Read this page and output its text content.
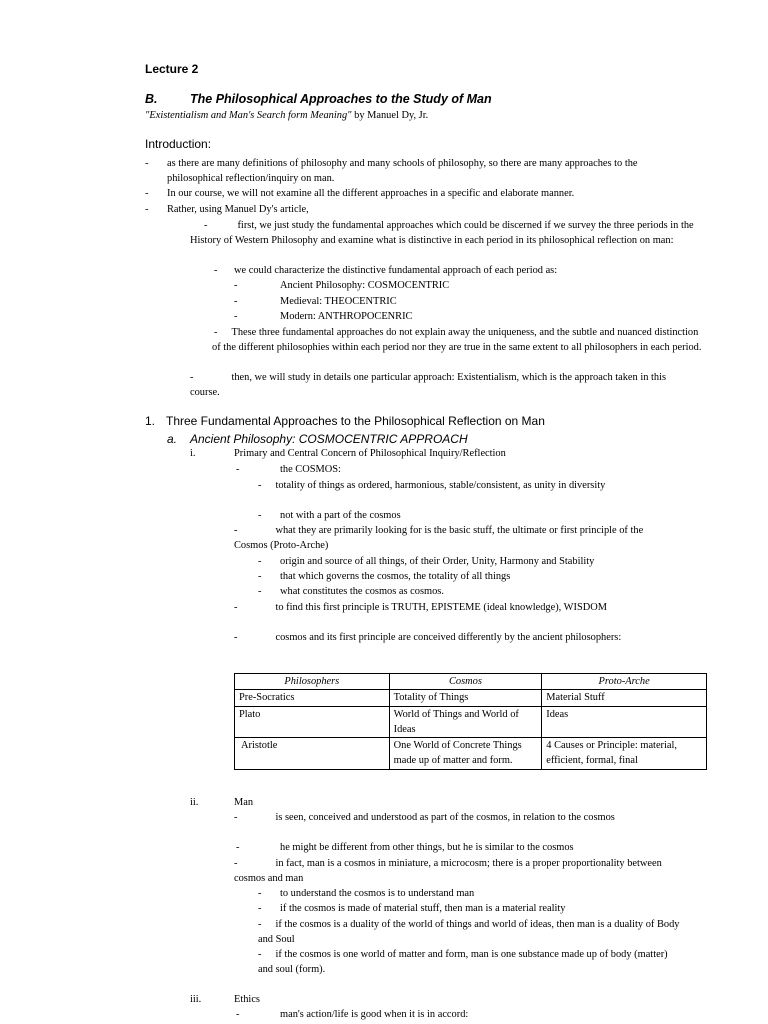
Lecture 2
B.	The Philosophical Approaches to the Study of Man
"Existentialism and Man's Search form Meaning" by Manuel Dy, Jr.
Introduction:
- as there are many definitions of philosophy and many schools of philosophy, so there are many approaches to the philosophical reflection/inquiry on man.
- In our course, we will not examine all the different approaches in a specific and elaborate manner.
- Rather, using Manuel Dy's article,
-	first, we just study the fundamental approaches which could be discerned if we survey the three periods in the History of Western Philosophy and examine what is distinctive in each period in its philosophical reflection on man:
- we could characterize the distinctive fundamental approach of each period as:
-	Ancient Philosophy: COSMOCENTRIC
-	Medieval: THEOCENTRIC
-	Modern: ANTHROPOCENRIC
- These three fundamental approaches do not explain away the uniqueness, and the subtle and nuanced distinction of the different philosophies within each period nor they are true in the same extent to all philosophers in each period.
-	then, we will study in details one particular approach: Existentialism, which is the approach taken in this course.
1. Three Fundamental Approaches to the Philosophical Reflection on Man
a. Ancient Philosophy: COSMOCENTRIC APPROACH
i.	Primary and Central Concern of Philosophical Inquiry/Reflection
-	the COSMOS:
- totality of things as ordered, harmonious, stable/consistent, as unity in diversity
- not with a part of the cosmos
-	what they are primarily looking for is the basic stuff, the ultimate or first principle of the Cosmos (Proto-Arche)
- origin and source of all things, of their Order, Unity, Harmony and Stability
- that which governs the cosmos, the totality of all things
- what constitutes the cosmos as cosmos.
-	to find this first principle is TRUTH, EPISTEME (ideal knowledge), WISDOM
-	cosmos and its first principle are conceived differently by the ancient philosophers:
Philosophers	Cosmos	Proto-Arche
Pre-Socratics	Totality of Things	Material Stuff
Plato	World of Things and World of Ideas	Ideas
Aristotle	One World of Concrete Things made up of matter and form.	4 Causes or Principle: material, efficient, formal, final
ii.	Man
-	is seen, conceived and understood as part of the cosmos, in relation to the cosmos
-	he might be different from other things, but he is similar to the cosmos
-	in fact, man is a cosmos in miniature, a microcosm; there is a proper proportionality between cosmos and man
- to understand the cosmos is to understand man
- if the cosmos is made of material stuff, then man is a material reality
- if the cosmos is a duality of the world of things and world of ideas, then man is a duality of Body and Soul
- if the cosmos is one world of matter and form, man is one substance made up of body (matter) and soul (form).
iii.	Ethics
-	man's action/life is good when it is in accord:
